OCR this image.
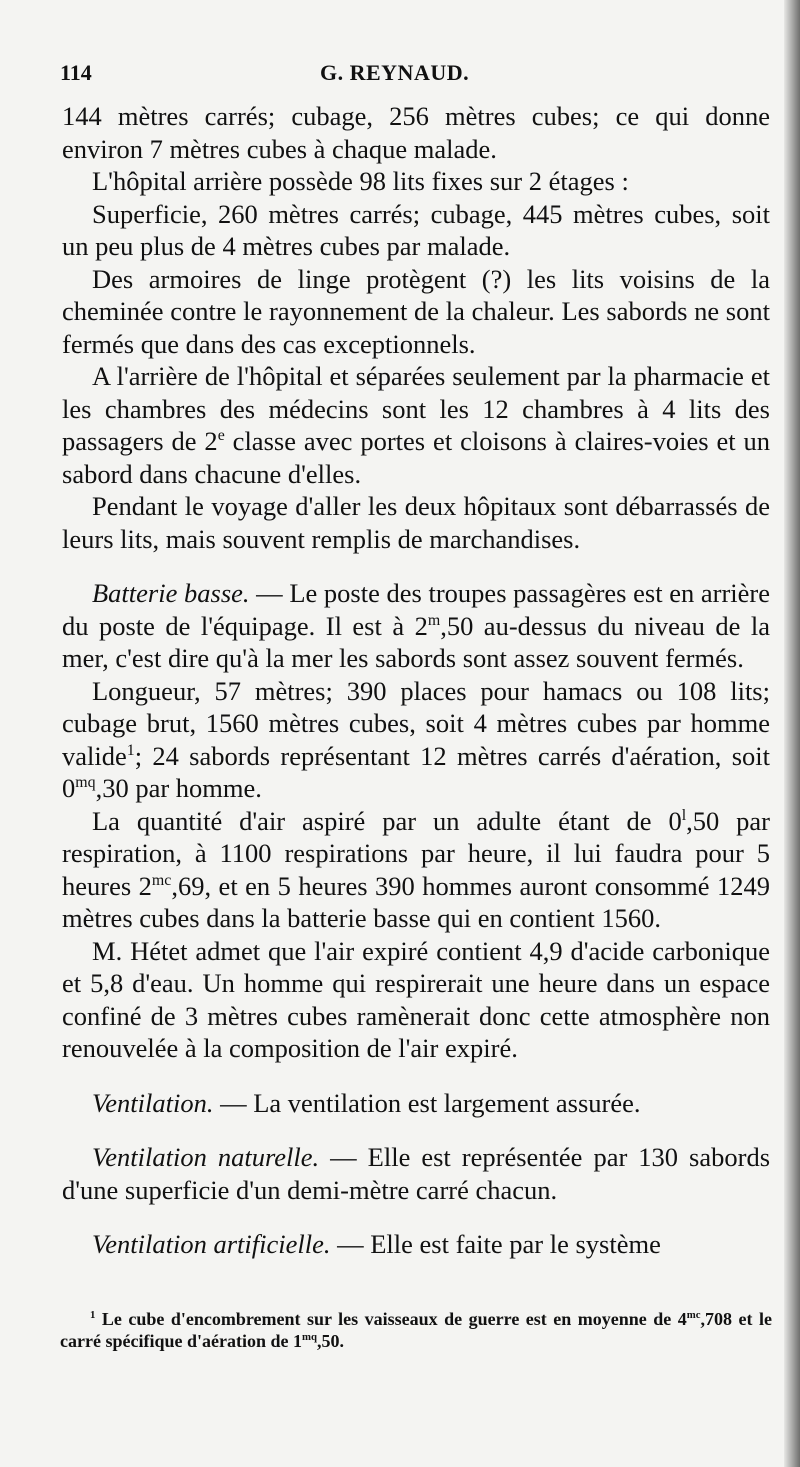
114	G. REYNAUD.

144 mètres carrés; cubage, 256 mètres cubes; ce qui donne environ 7 mètres cubes à chaque malade.

L'hôpital arrière possède 98 lits fixes sur 2 étages :

Superficie, 260 mètres carrés; cubage, 445 mètres cubes, soit un peu plus de 4 mètres cubes par malade.

Des armoires de linge protègent (?) les lits voisins de la cheminée contre le rayonnement de la chaleur. Les sabords ne sont fermés que dans des cas exceptionnels.

A l'arrière de l'hôpital et séparées seulement par la pharmacie et les chambres des médecins sont les 12 chambres à 4 lits des passagers de 2e classe avec portes et cloisons à claires-voies et un sabord dans chacune d'elles.

Pendant le voyage d'aller les deux hôpitaux sont débarrassés de leurs lits, mais souvent remplis de marchandises.

Batterie basse. — Le poste des troupes passagères est en arrière du poste de l'équipage. Il est à 2$^m$,50 au-dessus du niveau de la mer, c'est dire qu'à la mer les sabords sont assez souvent fermés.

Longueur, 57 mètres; 390 places pour hamacs ou 108 lits; cubage brut, 1560 mètres cubes, soit 4 mètres cubes par homme valide$^1$; 24 sabords représentant 12 mètres carrés d'aération, soit $0^{mq},30$ par homme.

La quantité d'air aspiré par un adulte étant de 0$^l$,50 par respiration, à 1100 respirations par heure, il lui faudra pour 5 heures $2^{mc},69$, et en 5 heures 390 hommes auront consommé 1249 mètres cubes dans la batterie basse qui en contient 1560.

M. Hétet admet que l'air expiré contient 4,9 d'acide carbonique et 5,8 d'eau. Un homme qui respirerait une heure dans un espace confiné de 3 mètres cubes ramènerait donc cette atmosphère non renouvelée à la composition de l'air expiré.

Ventilation. — La ventilation est largement assurée.

Ventilation naturelle. — Elle est représentée par 130 sabords d'une superficie d'un demi-mètre carré chacun.

Ventilation artificielle. — Elle est faite par le système

$^1$ Le cube d'encombrement sur les vaisseaux de guerre est en moyenne de $4^{mc},708$ et le carré spécifique d'aération de $1^{mq},50$.
